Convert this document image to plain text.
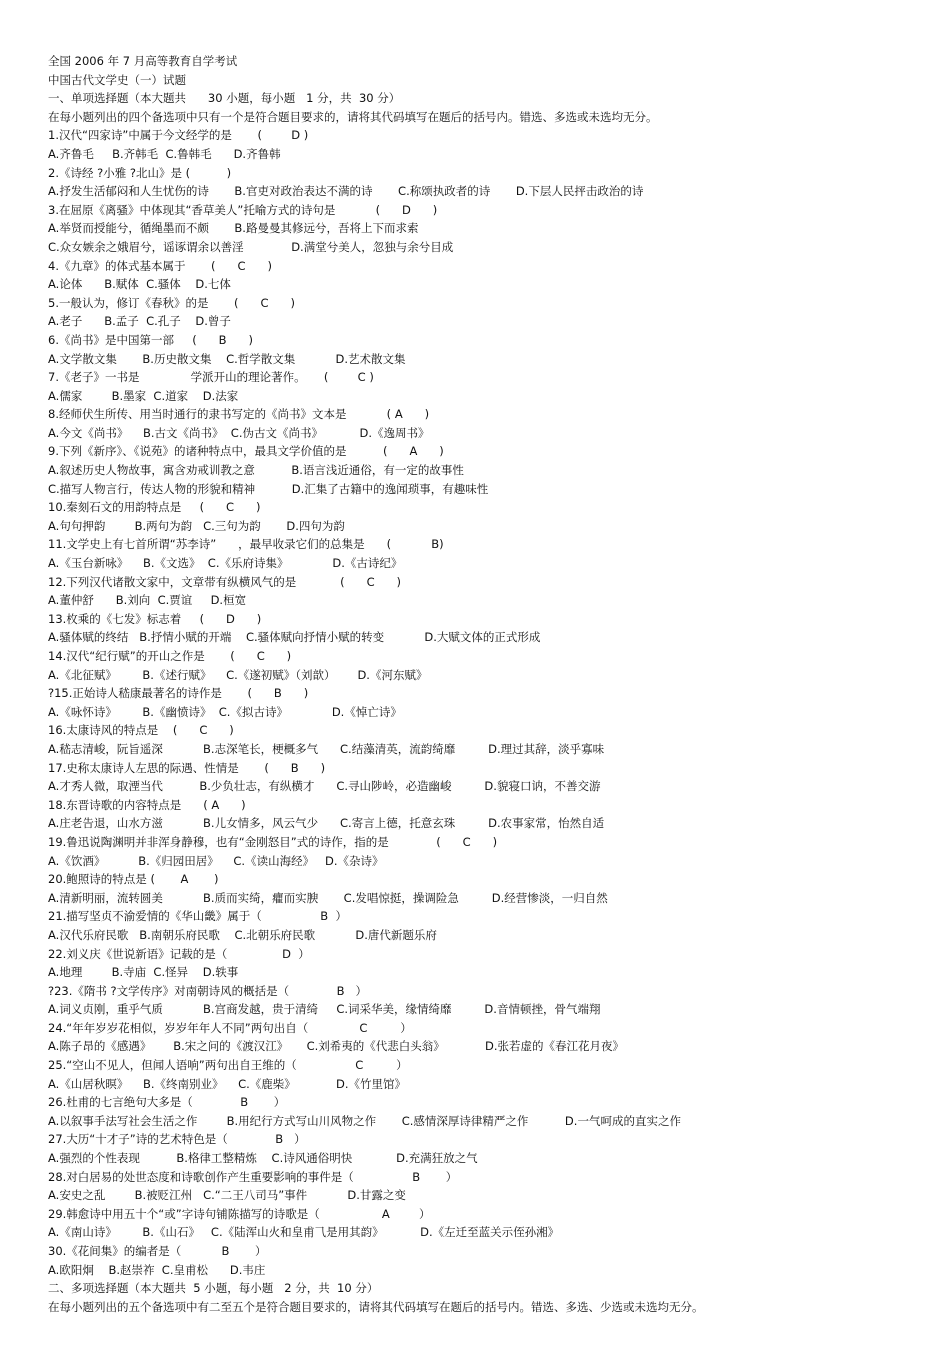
全国 2006 年 7 月高等教育自学考试
中国古代文学史（一）试题
一、单项选择题（本大题共      30 小题，每小题   1 分，共  30 分）
在每小题列出的四个备选项中只有一个是符合题目要求的，请将其代码填写在题后的括号内。错选、多选或未选均无分。
1.汉代“四家诗”中属于今文经学的是       (        D )
A.齐鲁毛     B.齐韩毛  C.鲁韩毛      D.齐鲁韩
2.《诗经 ?小雅 ?北山》是 (          )
A.抒发生活郁闷和人生忧伤的诗       B.官吏对政治表达不满的诗       C.称颂执政者的诗       D.下层人民抨击政治的诗
3.在屈原《离骚》中体现其“香草美人”托喻方式的诗句是           (      D      )
A.举贤而授能兮，循绳墨而不颇       B.路曼曼其修远兮，吾将上下而求索
C.众女嫉余之娥眉兮，谣诼谓余以善淫             D.满堂兮美人，忽独与余兮目成
4.《九章》的体式基本属于       (      C      )
A.论体      B.赋体  C.骚体    D.七体
5.一般认为，修订《春秋》的是       (      C      )
A.老子      B.孟子  C.孔子    D.曾子
6.《尚书》是中国第一部     (      B      )
A.文学散文集       B.历史散文集    C.哲学散文集           D.艺术散文集
7.《老子》一书是              学派开山的理论著作。     (        C )
A.儒家        B.墨家  C.道家    D.法家
8.经师伏生所传、用当时通行的隶书写定的《尚书》文本是           ( A      )
A.今文《尚书》    B.古文《尚书》  C.伪古文《尚书》          D.《逸周书》
9.下列《新序》、《说苑》的诸种特点中，最具文学价值的是          (      A      )
A.叙述历史人物故事，寓含劝戒训教之意          B.语言浅近通俗，有一定的故事性
C.描写人物言行，传达人物的形貌和精神          D.汇集了古籍中的逸闻琐事，有趣味性
10.秦刻石文的用韵特点是     (      C      )
A.句句押韵        B.两句为韵   C.三句为韵       D.四句为韵
11.文学史上有七首所谓“苏李诗”      ，最早收录它们的总集是      (           B)
A.《玉台新咏》    B.《文选》  C.《乐府诗集》            D.《古诗纪》
12.下列汉代诸散文家中，文章带有纵横风气的是            (      C      )
A.董仲舒      B.刘向  C.贾谊     D.桓宽
13.枚乘的《七发》标志着     (      D      )
A.骚体赋的终结   B.抒情小赋的开端    C.骚体赋向抒情小赋的转变           D.大赋文体的正式形成
14.汉代“纪行赋”的开山之作是       (      C      )
A.《北征赋》       B.《述行赋》    C.《遂初赋》（刘歆）      D.《河东赋》
?15.正始诗人嵇康最著名的诗作是       (      B      )
A.《咏怀诗》       B.《幽愤诗》  C.《拟古诗》            D.《悼亡诗》
16.太康诗风的特点是    (      C      )
A.嵇志清峻，阮旨遥深           B.志深笔长，梗概多气      C.结藻清英，流韵绮靡         D.理过其辞，淡乎寡味
17.史称太康诗人左思的际遇、性情是       (      B      )
A.才秀人微，取湮当代          B.少负壮志，有纵横才      C.寻山陟岭，必造幽峻         D.貌寝口讷，不善交游
18.东晋诗歌的内容特点是      ( A      )
A.庄老告退，山水方滋           B.儿女情多，风云气少      C.寄言上德，托意玄珠         D.农事家常，怡然自适
19.鲁迅说陶渊明并非浑身静穆，也有“金刚怒目”式的诗作，指的是             (      C      )
A.《饮酒》         B.《归园田居》    C.《读山海经》   D.《杂诗》
20.鲍照诗的特点是 (       A       )
A.清新明丽，流转圆美           B.质而实绮，癯而实腴       C.发唱惊挺，操调险急         D.经营惨淡，一归自然
21.描写坚贞不渝爱情的《华山畿》属于（                B  ）
A.汉代乐府民歌   B.南朝乐府民歌    C.北朝乐府民歌           D.唐代新题乐府
22.刘义庆《世说新语》记载的是（               D  ）
A.地理        B.寺庙  C.怪异    D.轶事
?23.《隋书 ?文学传序》对南朝诗风的概括是（             B   ）
A.词义贞刚，重乎气质           B.宫商发越，贵于清绮     C.词采华美，缘情绮靡         D.音情顿挫，骨气端翔
24.“年年岁岁花相似，岁岁年年人不同”两句出自（              C         ）
A.陈子昂的《感遇》      B.宋之问的《渡汉江》     C.刘希夷的《代悲白头翁》           D.张若虚的《春江花月夜》
25.“空山不见人，但闻人语响”两句出自王维的（                C         ）
A.《山居秋暝》    B.《终南别业》    C.《鹿柴》           D.《竹里馆》
26.杜甫的七言绝句大多是（             B       ）
A.以叙事手法写社会生活之作        B.用纪行方式写山川风物之作       C.感情深厚诗律精严之作          D.一气呵成的直实之作
27.大历“十才子”诗的艺术特色是（             B   ）
A.强烈的个性表现          B.格律工整精炼    C.诗风通俗明快            D.充满狂放之气
28.对白居易的处世态度和诗歌创作产生重要影响的事件是（                B       ）
A.安史之乱        B.被贬江州   C.“二王八司马”事件           D.甘露之变
29.韩愈诗中用五十个“或”字诗句铺陈描写的诗歌是（                 A        ）
A.《南山诗》       B.《山石》   C.《陆浑山火和皇甫⺄是用其韵》          D.《左迁至蓝关示侄孙湘》
30.《花间集》的编者是（           B       ）
A.欧阳炯    B.赵崇祚  C.皇甫松      D.韦庄
二、多项选择题（本大题共  5 小题，每小题   2 分，共  10 分）
在每小题列出的五个备选项中有二至五个是符合题目要求的，请将其代码填写在题后的括号内。错选、多选、少选或未选均无分。
